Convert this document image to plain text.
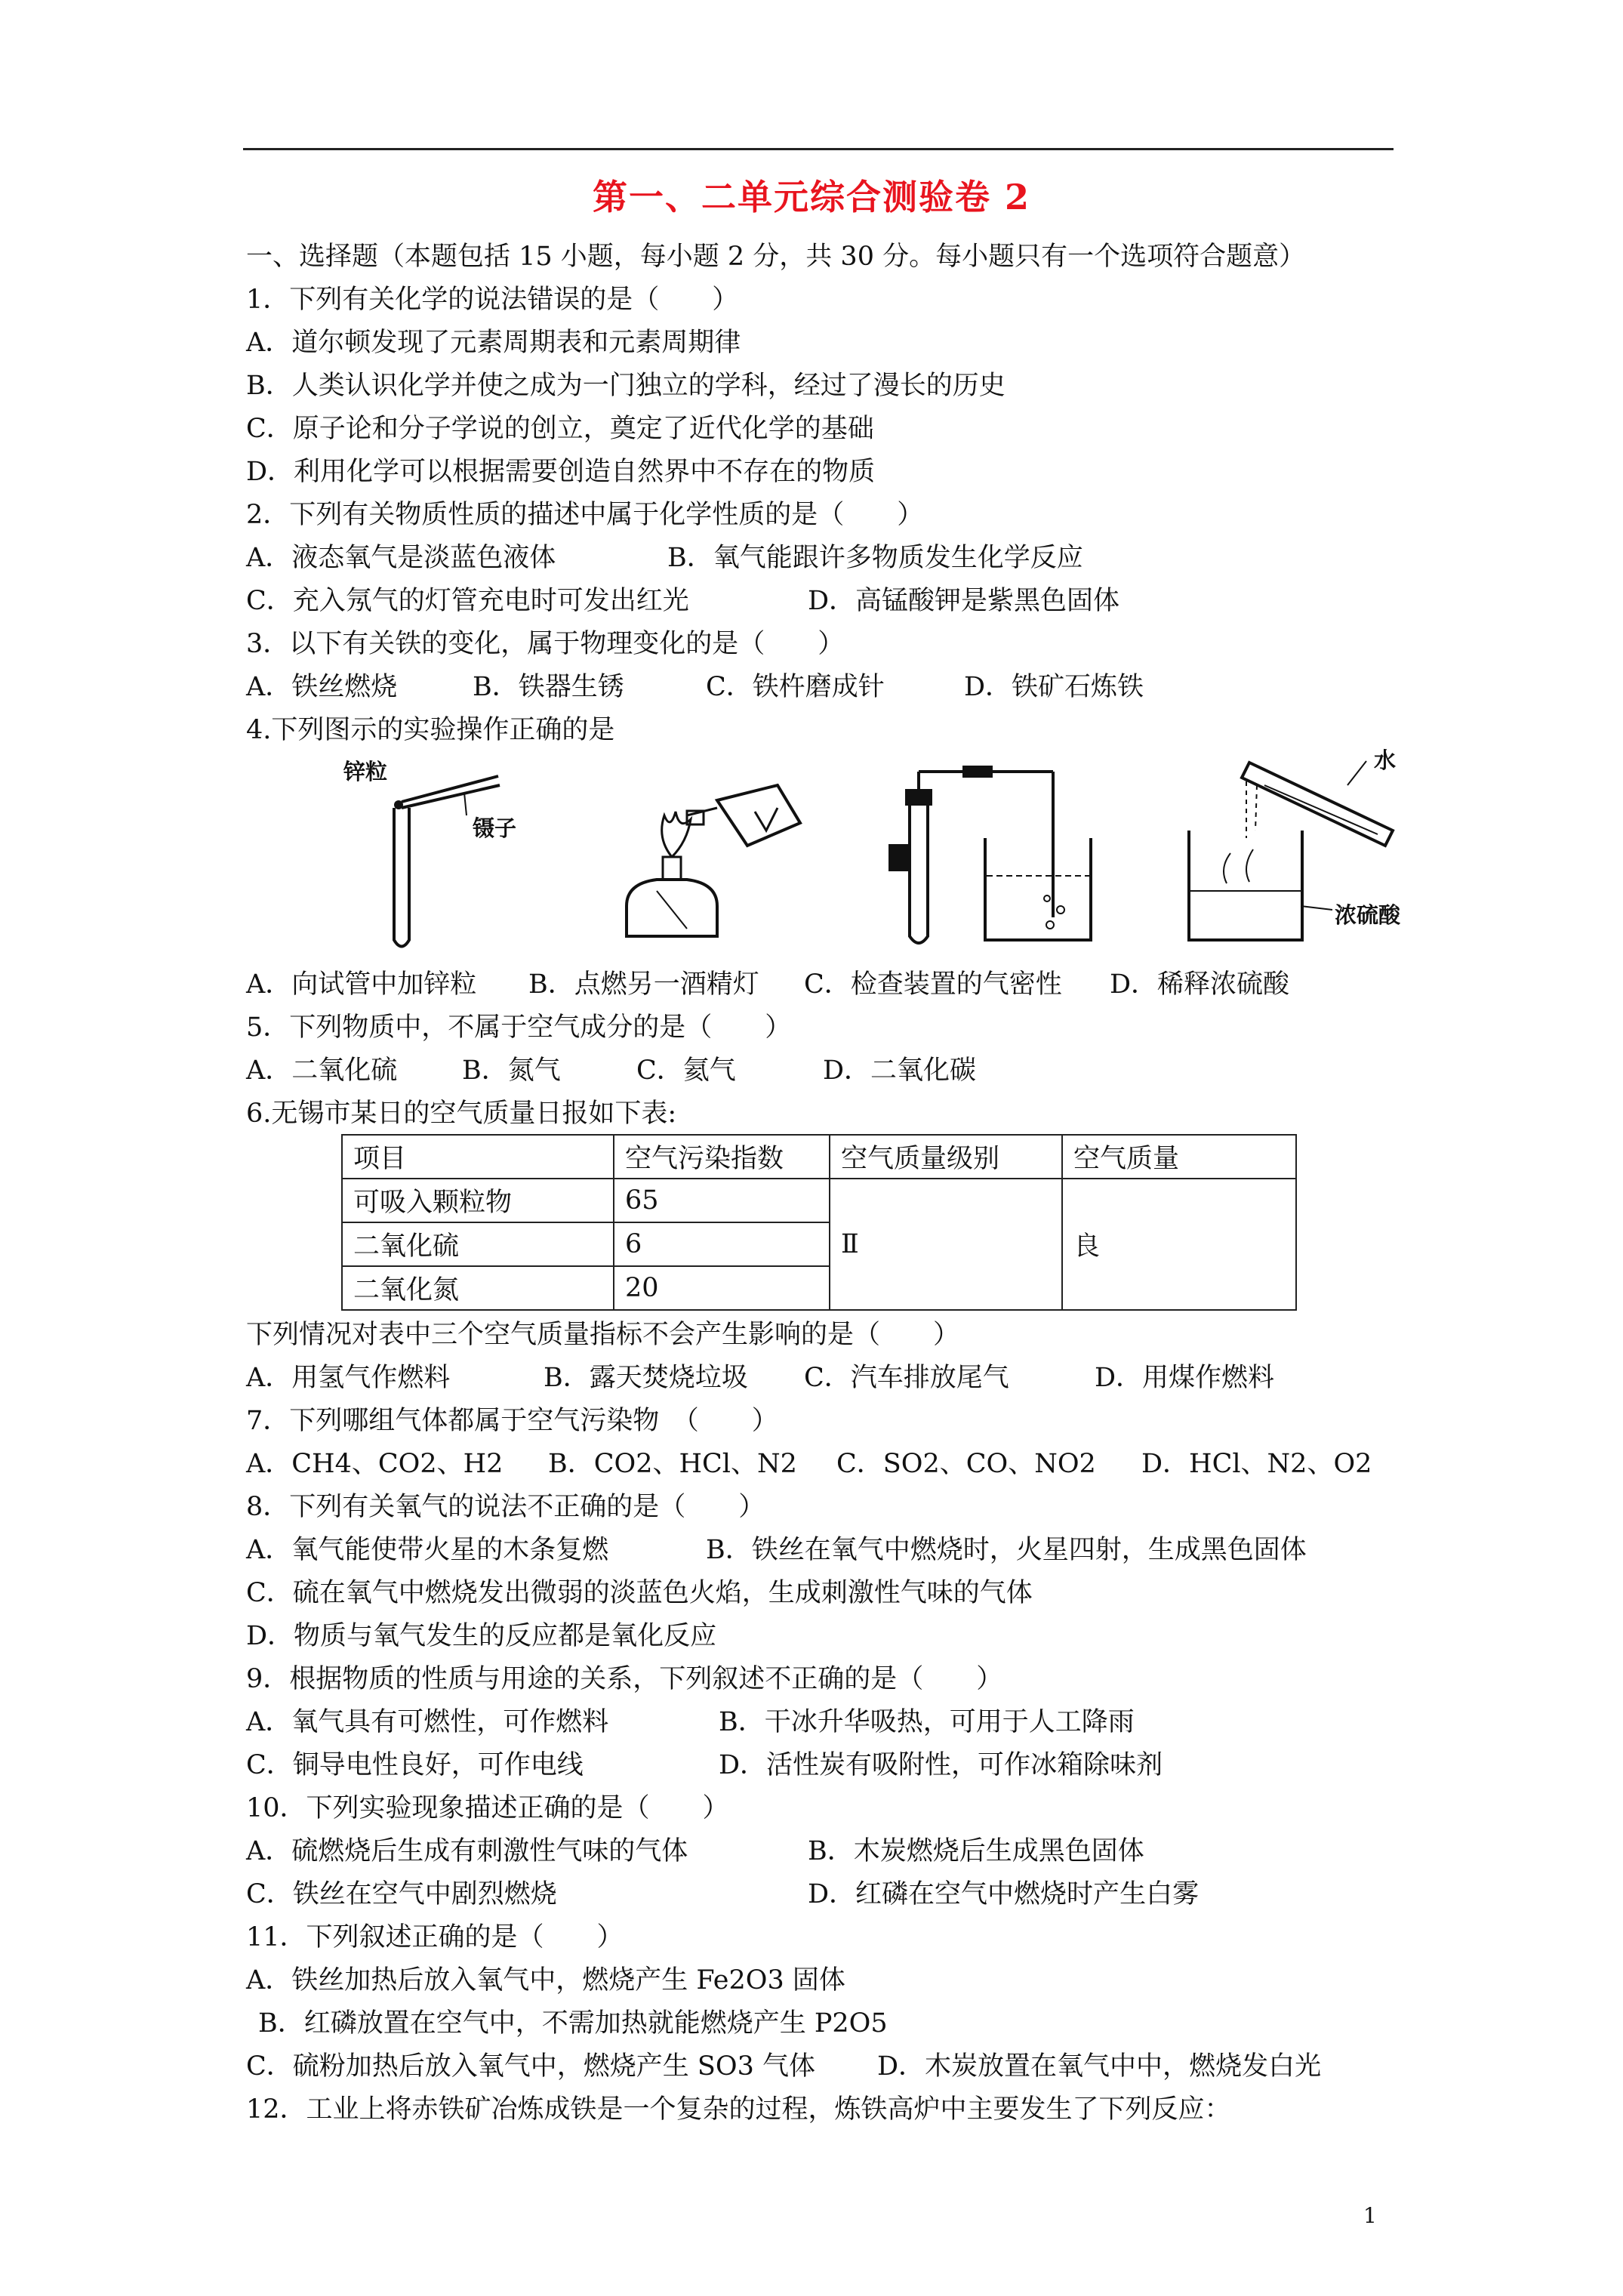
第一、二单元综合测验卷 2
一、选择题（本题包括 15 小题，每小题 2 分，共 30 分。每小题只有一个选项符合题意）
1．下列有关化学的说法错误的是（　　）
A．道尔顿发现了元素周期表和元素周期律
B．人类认识化学并使之成为一门独立的学科，经过了漫长的历史
C．原子论和分子学说的创立，奠定了近代化学的基础
D．利用化学可以根据需要创造自然界中不存在的物质
2．下列有关物质性质的描述中属于化学性质的是（　　）
A．液态氧气是淡蓝色液体	B．氧气能跟许多物质发生化学反应
C．充入氖气的灯管充电时可发出红光	D．高锰酸钾是紫黑色固体
3．以下有关铁的变化，属于物理变化的是（　　）
A．铁丝燃烧	B．铁器生锈	C．铁杵磨成针	D．铁矿石炼铁
4.下列图示的实验操作正确的是
锌粒
镊子
水
浓硫酸
A．向试管中加锌粒 B．点燃另一酒精灯 C．检查装置的气密性 D．稀释浓硫酸
5．下列物质中，不属于空气成分的是（　　）
A．二氧化硫 B．氮气	C．氦气	D．二氧化碳
6.无锡市某日的空气质量日报如下表:
项目	空气污染指数	空气质量级别	空气质量
可吸入颗粒物	65	Ⅱ	良
二氧化硫	6		
二氧化氮	20		
下列情况对表中三个空气质量指标不会产生影响的是（　　）
A．用氢气作燃料	B．露天焚烧垃圾 C．汽车排放尾气	D．用煤作燃料
7．下列哪组气体都属于空气污染物　（　　）
A．CH4、CO2、H2 B．CO2、HCl、N2 C．SO2、CO、NO2 D．HCl、N2、O2
8．下列有关氧气的说法不正确的是（　　）
A．氧气能使带火星的木条复燃	B．铁丝在氧气中燃烧时，火星四射，生成黑色固体
C．硫在氧气中燃烧发出微弱的淡蓝色火焰，生成刺激性气味的气体
D．物质与氧气发生的反应都是氧化反应
9．根据物质的性质与用途的关系，下列叙述不正确的是（　　）
A．氧气具有可燃性，可作燃料	B．干冰升华吸热，可用于人工降雨
C．铜导电性良好，可作电线	D．活性炭有吸附性，可作冰箱除味剂
10．下列实验现象描述正确的是（　　）
A．硫燃烧后生成有刺激性气味的气体	B．木炭燃烧后生成黑色固体
C．铁丝在空气中剧烈燃烧	D．红磷在空气中燃烧时产生白雾
11．下列叙述正确的是（　　）
A．铁丝加热后放入氧气中，燃烧产生 Fe2O3 固体
B．红磷放置在空气中，不需加热就能燃烧产生 P2O5
C．硫粉加热后放入氧气中，燃烧产生 SO3 气体 D．木炭放置在氧气中中，燃烧发白光
12．工业上将赤铁矿冶炼成铁是一个复杂的过程，炼铁高炉中主要发生了下列反应：
1
